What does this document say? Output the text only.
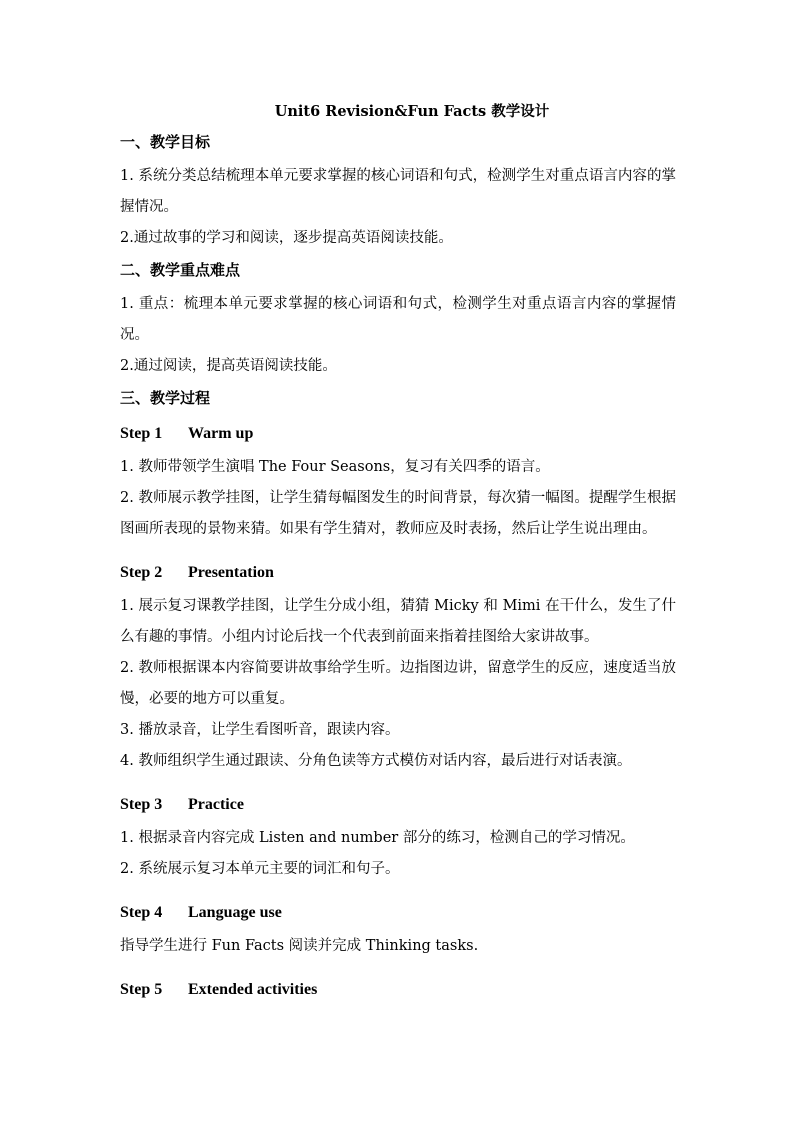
Unit6 Revision&Fun Facts 教学设计
一、教学目标

1. 系统分类总结梳理本单元要求掌握的核心词语和句式，检测学生对重点语言内容的掌握情况。

2.通过故事的学习和阅读，逐步提高英语阅读技能。

二、教学重点难点

1. 重点：梳理本单元要求掌握的核心词语和句式，检测学生对重点语言内容的掌握情况。

2.通过阅读，提高英语阅读技能。

三、教学过程
Step 1 Warm up

1. 教师带领学生演唱 The Four Seasons，复习有关四季的语言。

2. 教师展示教学挂图，让学生猜每幅图发生的时间背景，每次猜一幅图。提醒学生根据图画所表现的景物来猜。如果有学生猜对，教师应及时表扬，然后让学生说出理由。

Step 2 Presentation

1. 展示复习课教学挂图，让学生分成小组，猜猜 Micky 和 Mimi 在干什么，发生了什么有趣的事情。小组内讨论后找一个代表到前面来指着挂图给大家讲故事。

2. 教师根据课本内容简要讲故事给学生听。边指图边讲，留意学生的反应，速度适当放慢，必要的地方可以重复。

3. 播放录音，让学生看图听音，跟读内容。

4. 教师组织学生通过跟读、分角色读等方式模仿对话内容，最后进行对话表演。

Step 3 Practice

1. 根据录音内容完成 Listen and number 部分的练习，检测自己的学习情况。

2. 系统展示复习本单元主要的词汇和句子。

Step 4 Language use

指导学生进行 Fun Facts 阅读并完成 Thinking tasks.

Step 5 Extended activities
